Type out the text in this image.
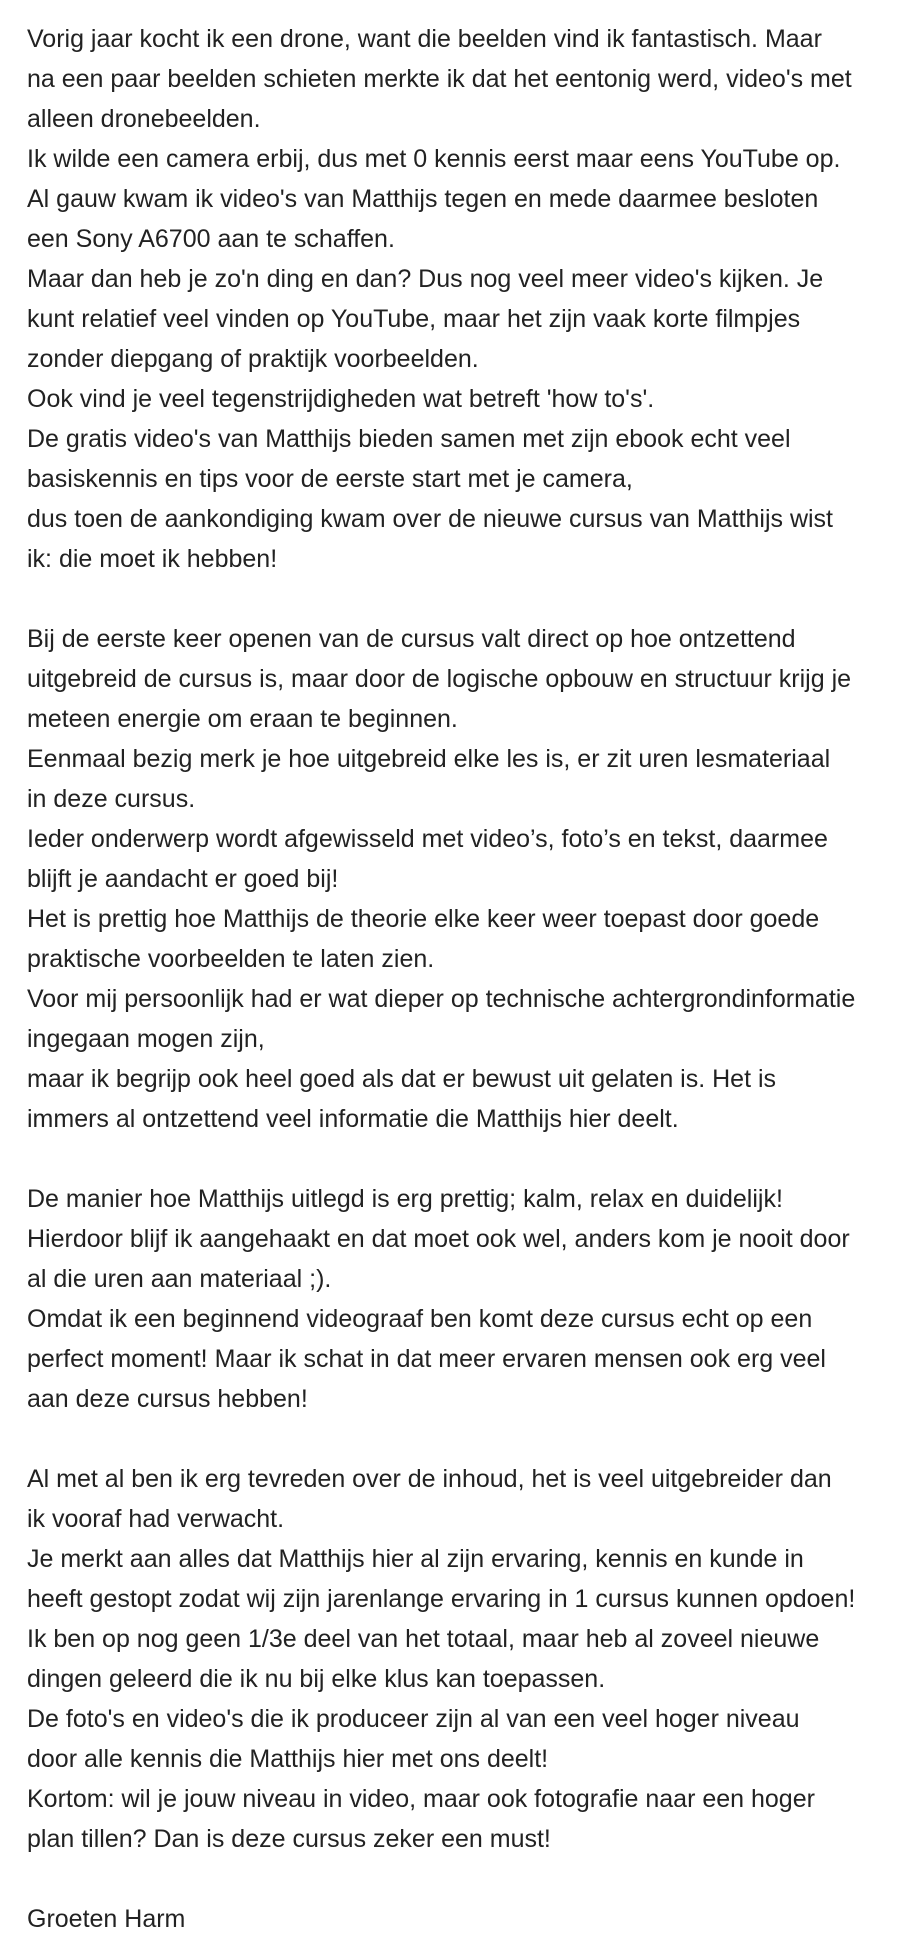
Vorig jaar kocht ik een drone, want die beelden vind ik fantastisch. Maar
na een paar beelden schieten merkte ik dat het eentonig werd, video's met
alleen dronebeelden.
Ik wilde een camera erbij, dus met 0 kennis eerst maar eens YouTube op.
Al gauw kwam ik video's van Matthijs tegen en mede daarmee besloten
een Sony A6700 aan te schaffen.
Maar dan heb je zo'n ding en dan? Dus nog veel meer video's kijken. Je
kunt relatief veel vinden op YouTube, maar het zijn vaak korte filmpjes
zonder diepgang of praktijk voorbeelden.
Ook vind je veel tegenstrijdigheden wat betreft 'how to's'.
De gratis video's van Matthijs bieden samen met zijn ebook echt veel
basiskennis en tips voor de eerste start met je camera,
dus toen de aankondiging kwam over de nieuwe cursus van Matthijs wist
ik: die moet ik hebben!
Bij de eerste keer openen van de cursus valt direct op hoe ontzettend
uitgebreid de cursus is, maar door de logische opbouw en structuur krijg je
meteen energie om eraan te beginnen.
Eenmaal bezig merk je hoe uitgebreid elke les is, er zit uren lesmateriaal
in deze cursus.
Ieder onderwerp wordt afgewisseld met video’s, foto’s en tekst, daarmee
blijft je aandacht er goed bij!
Het is prettig hoe Matthijs de theorie elke keer weer toepast door goede
praktische voorbeelden te laten zien.
Voor mij persoonlijk had er wat dieper op technische achtergrondinformatie
ingegaan mogen zijn,
maar ik begrijp ook heel goed als dat er bewust uit gelaten is. Het is
immers al ontzettend veel informatie die Matthijs hier deelt.
De manier hoe Matthijs uitlegd is erg prettig; kalm, relax en duidelijk!
Hierdoor blijf ik aangehaakt en dat moet ook wel, anders kom je nooit door
al die uren aan materiaal ;).
Omdat ik een beginnend videograaf ben komt deze cursus echt op een
perfect moment! Maar ik schat in dat meer ervaren mensen ook erg veel
aan deze cursus hebben!
Al met al ben ik erg tevreden over de inhoud, het is veel uitgebreider dan
ik vooraf had verwacht.
Je merkt aan alles dat Matthijs hier al zijn ervaring, kennis en kunde in
heeft gestopt zodat wij zijn jarenlange ervaring in 1 cursus kunnen opdoen!
Ik ben op nog geen 1/3e deel van het totaal, maar heb al zoveel nieuwe
dingen geleerd die ik nu bij elke klus kan toepassen.
De foto's en video's die ik produceer zijn al van een veel hoger niveau
door alle kennis die Matthijs hier met ons deelt!
Kortom: wil je jouw niveau in video, maar ook fotografie naar een hoger
plan tillen? Dan is deze cursus zeker een must!
Groeten Harm
